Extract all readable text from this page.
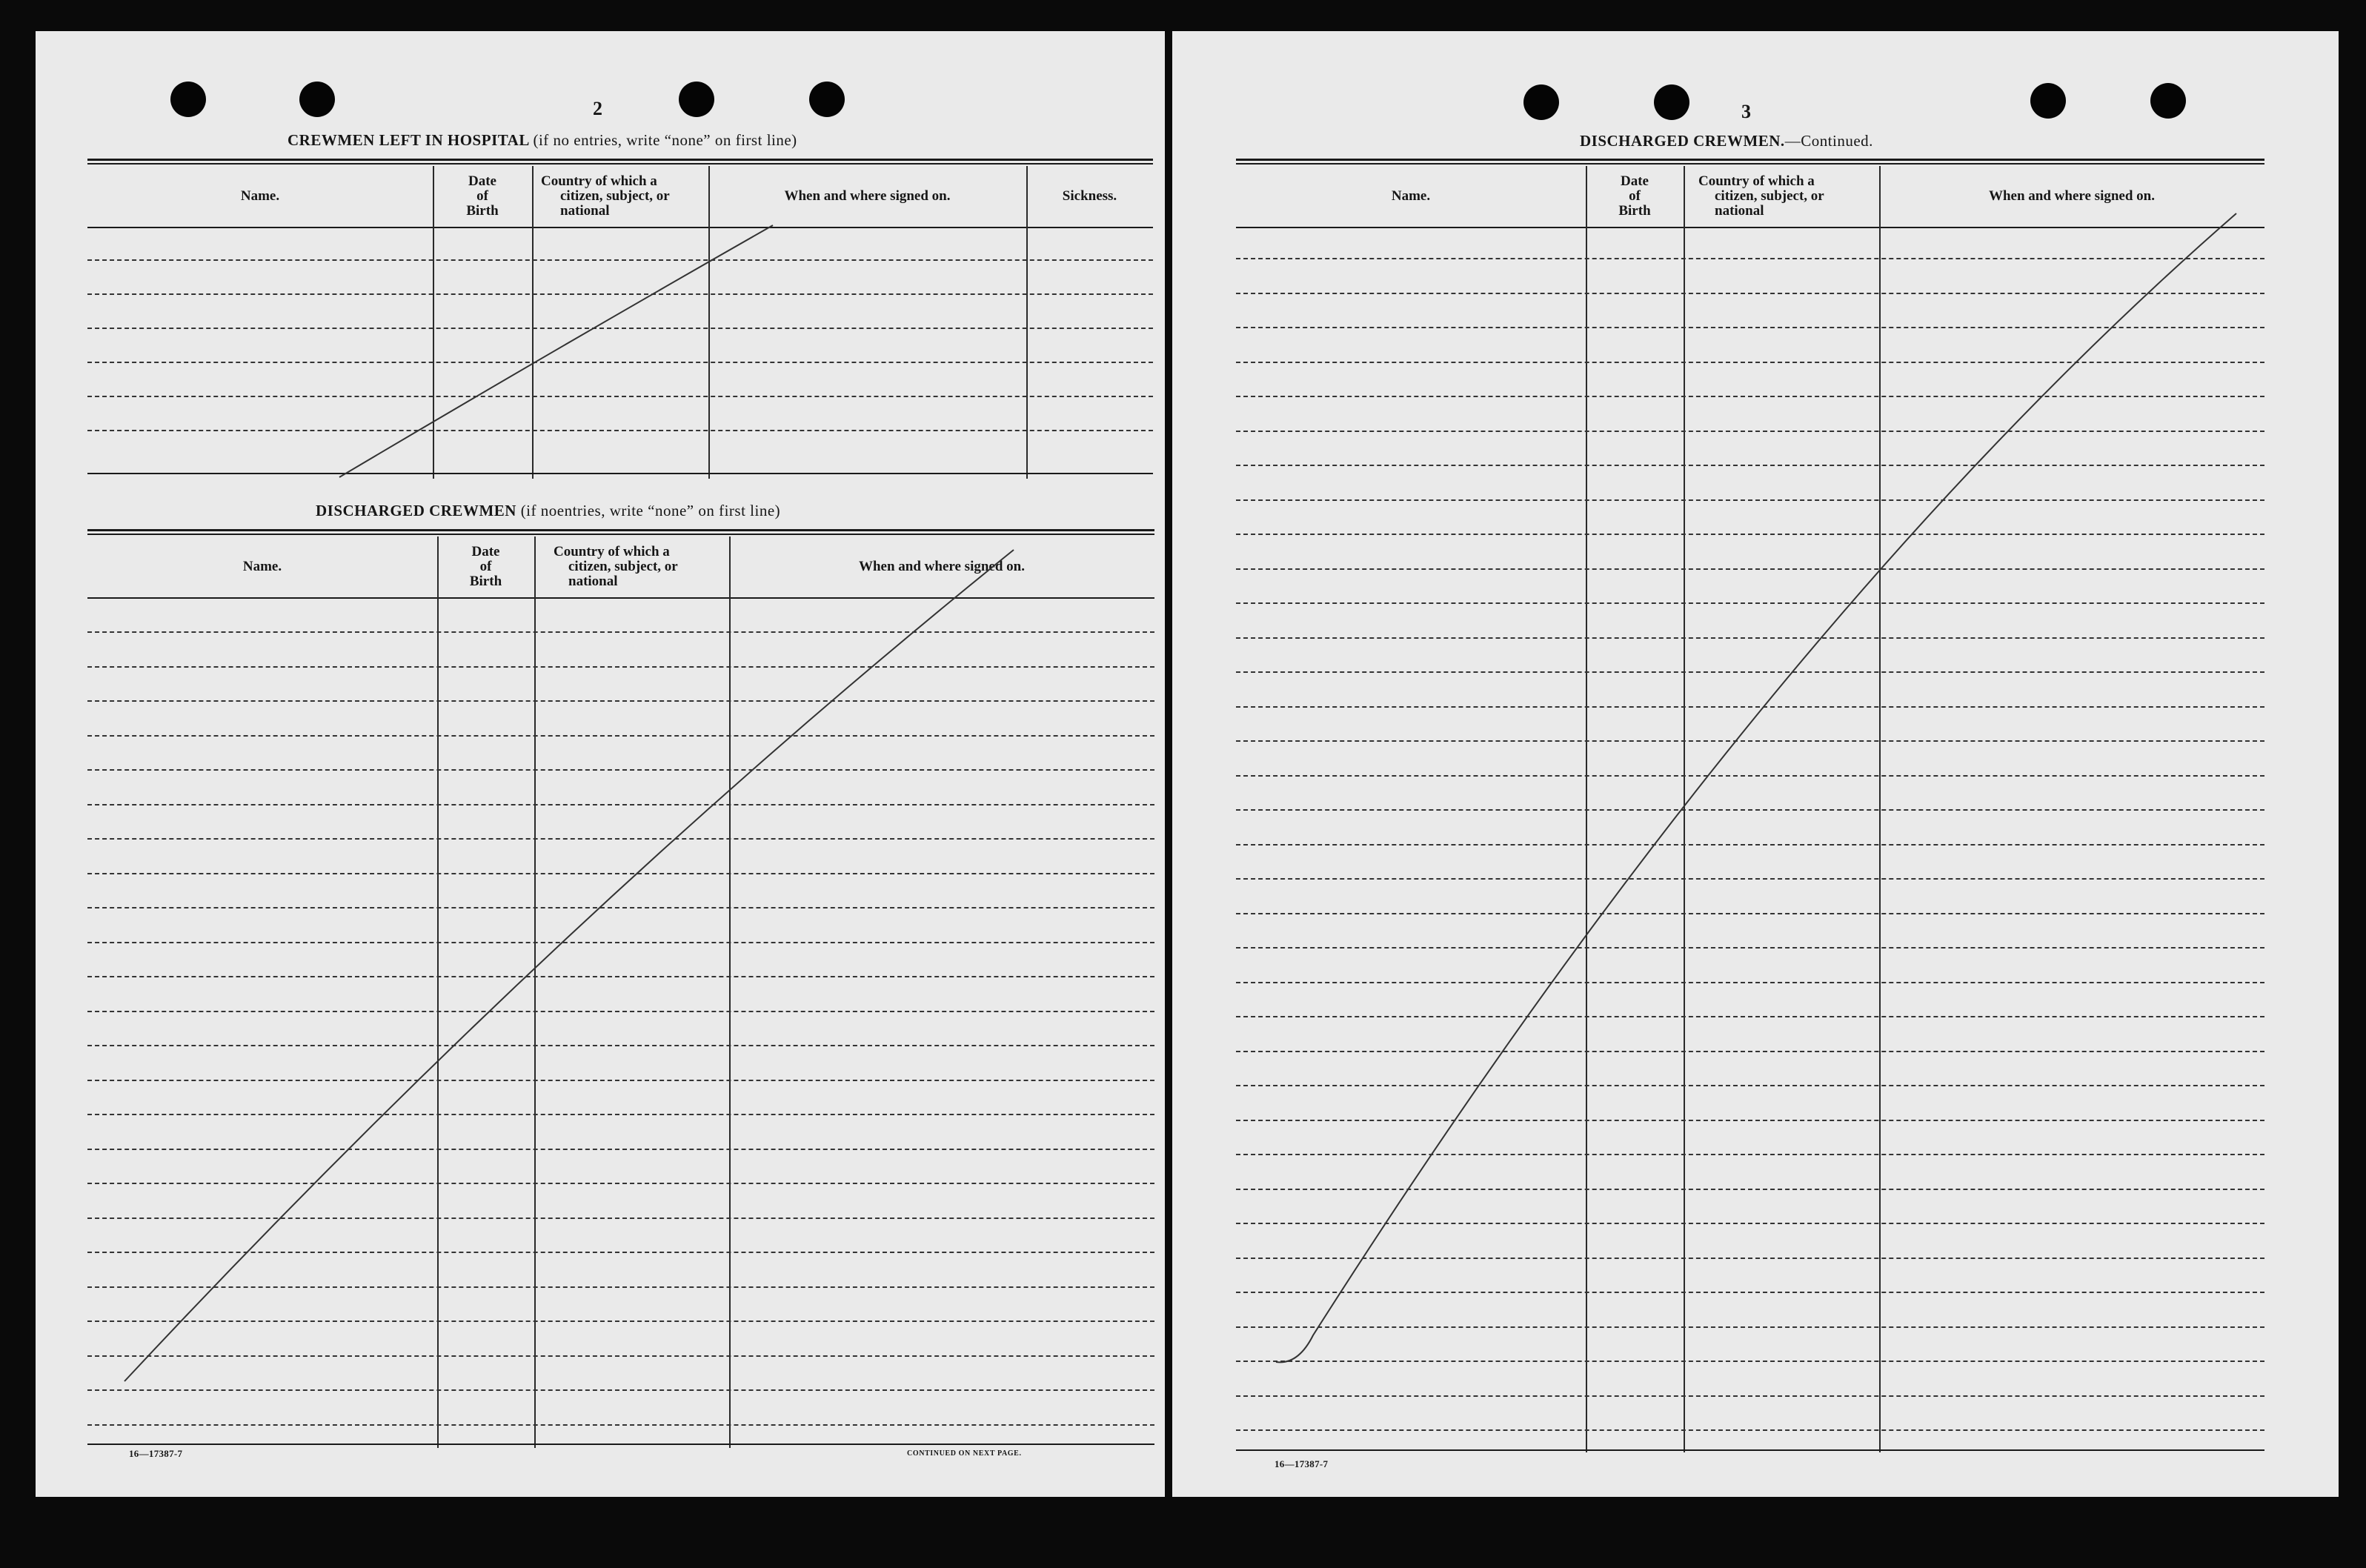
2
CREWMEN LEFT IN HOSPITAL (if no entries, write “none” on first line)
Name.
Date
of
Birth
Country of which a
citizen, subject, or
national
When and where signed on.	Sickness.
DISCHARGED CREWMEN (if noentries, write “none” on first line)
Name.
Date
of
Birth
Country of which a
citizen, subject, or
national
When and where signed on.
16—17387-7	CONTINUED ON NEXT PAGE.
3
DISCHARGED CREWMEN.—Continued.
Name.
Date
of
Birth
Country of which a
citizen, subject, or
national
When and where signed on.
16—17387-7
